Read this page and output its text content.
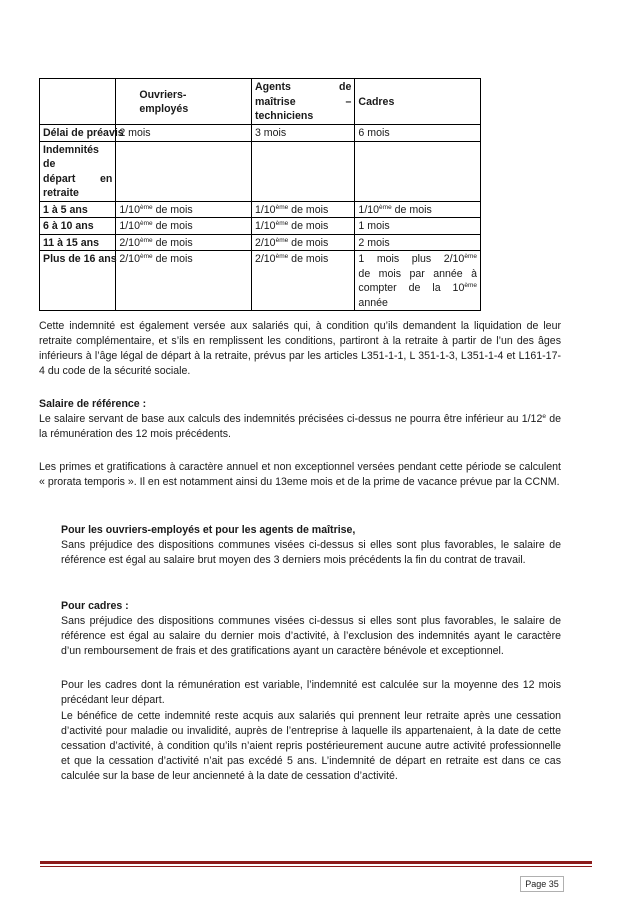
	Ouvriers-employés	Agents de
maîtrise –
techniciens	Cadres
Délai de préavis	2 mois	3 mois	6 mois

Indemnités de
départ en
retraite			

1 à 5 ans	1/10ème de mois	1/10ème de mois	1/10ème de mois
6 à 10 ans	1/10ème de mois	1/10ème de mois	1 mois
11 à 15 ans	2/10ème de mois	2/10ème de mois	2 mois
Plus de 16 ans	2/10ème de mois	2/10ème de mois	1 mois plus 2/10ème
de mois par année à
compter de la 10ème
année

Cette indemnité est également versée aux salariés qui, à condition qu’ils demandent la liquidation de leur retraite complémentaire, et s’ils en remplissent les conditions, partiront à la retraite à partir de l’un des âges inférieurs à l’âge légal de départ à la retraite, prévus par les articles L351-1-1, L 351-1-3, L351-1-4 et L161-17-4 du code de la sécurité sociale.

Salaire de référence :

Le salaire servant de base aux calculs des indemnités précisées ci-dessus ne pourra être inférieur au 1/12e de la rémunération des 12 mois précédents.

Les primes et gratifications à caractère annuel et non exceptionnel versées pendant cette période se calculent « prorata temporis ». Il en est notamment ainsi du 13eme mois et de la prime de vacance prévue par la CCNM.

Pour les ouvriers-employés et pour les agents de maîtrise,

Sans préjudice des dispositions communes visées ci-dessus si elles sont plus favorables, le salaire de référence est égal au salaire brut moyen des 3 derniers mois précédents la fin du contrat de travail.

Pour cadres :

Sans préjudice des dispositions communes visées ci-dessus si elles sont plus favorables, le salaire de référence est égal au salaire du dernier mois d’activité, à l’exclusion des indemnités ayant le caractère d’un remboursement de frais et des gratifications ayant un caractère bénévole et exceptionnel.

Pour les cadres dont la rémunération est variable, l’indemnité est calculée sur la moyenne des 12 mois précédant leur départ.

Le bénéfice de cette indemnité reste acquis aux salariés qui prennent leur retraite après une cessation d’activité pour maladie ou invalidité, auprès de l’entreprise à laquelle ils appartenaient, à la date de cette cessation d’activité, à condition qu’ils n’aient repris postérieurement aucune autre activité professionnelle et que la cessation d’activité n’ait pas excédé 5 ans. L’indemnité de départ en retraite est dans ce cas calculée sur la base de leur ancienneté à la date de cessation d’activité.

Page 35
